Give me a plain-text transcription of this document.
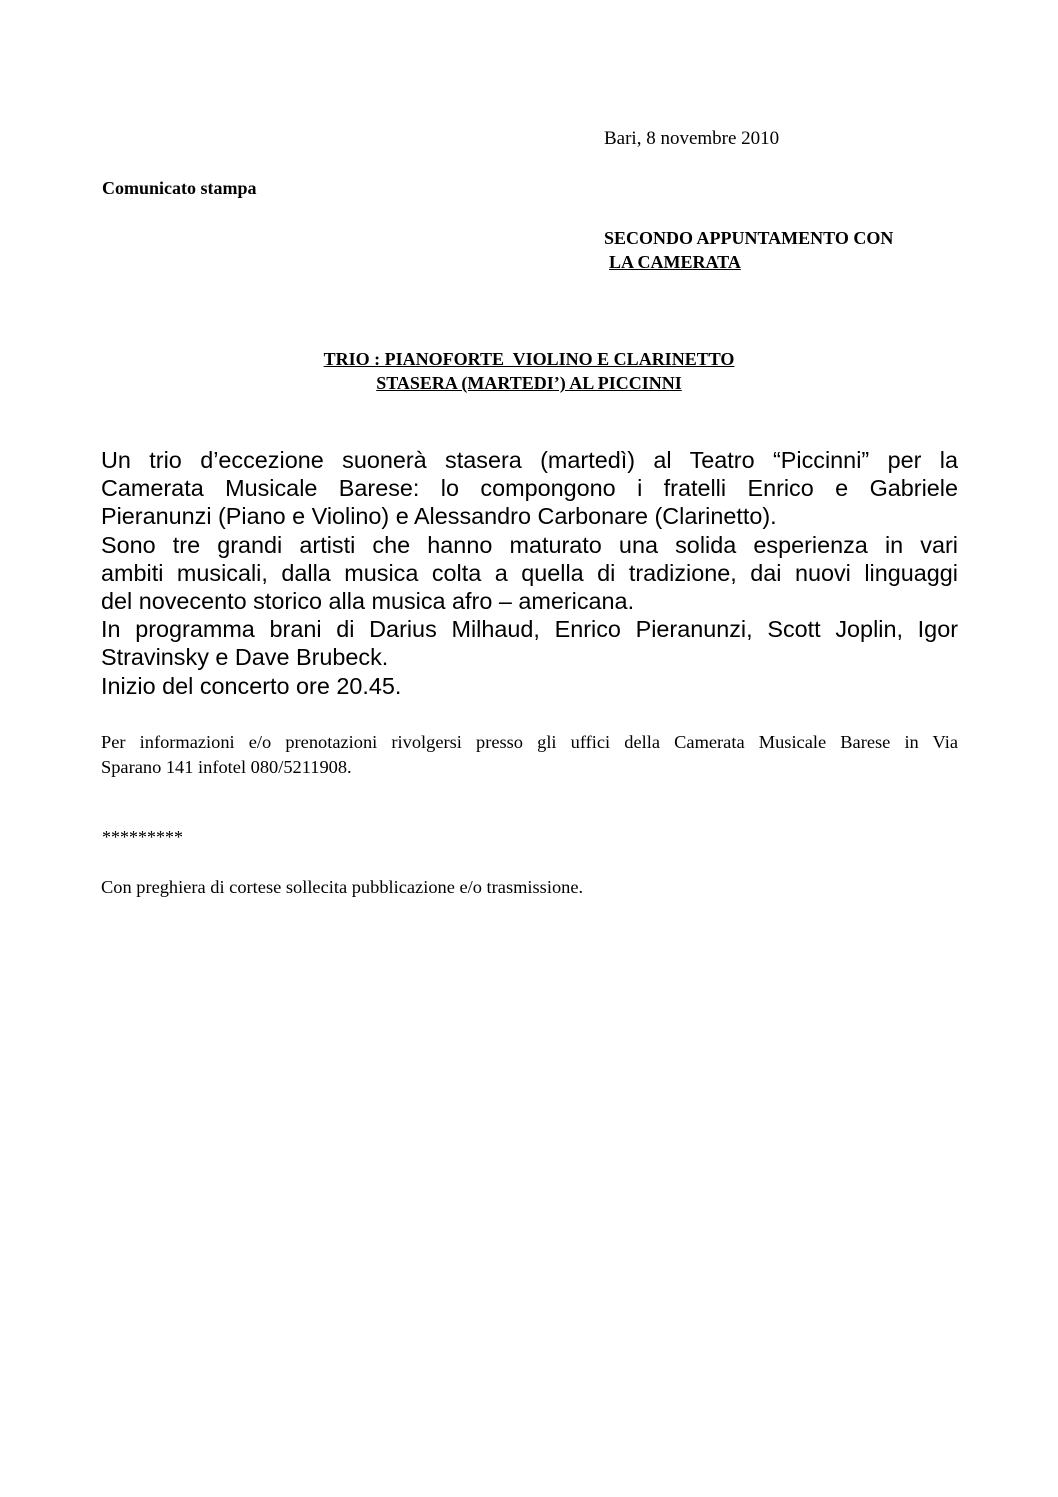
Bari, 8 novembre 2010
Comunicato stampa
SECONDO APPUNTAMENTO CON
LA CAMERATA
TRIO : PIANOFORTE  VIOLINO E CLARINETTO
STASERA (MARTEDI’) AL PICCINNI
Un trio d’eccezione suonerà stasera (martedì) al Teatro “Piccinni” per la
Camerata Musicale Barese: lo compongono i fratelli Enrico e Gabriele
Pieranunzi (Piano e Violino) e Alessandro Carbonare (Clarinetto).
Sono tre grandi artisti che hanno maturato una solida esperienza in vari
ambiti musicali, dalla musica colta a quella di tradizione, dai nuovi linguaggi
del novecento storico alla musica afro – americana.
In programma brani di Darius Milhaud, Enrico Pieranunzi, Scott Joplin, Igor
Stravinsky e Dave Brubeck.
Inizio del concerto ore 20.45.
Per informazioni e/o prenotazioni rivolgersi presso gli uffici della Camerata Musicale Barese in Via
Sparano 141 infotel 080/5211908.
*********
Con preghiera di cortese sollecita pubblicazione e/o trasmissione.
